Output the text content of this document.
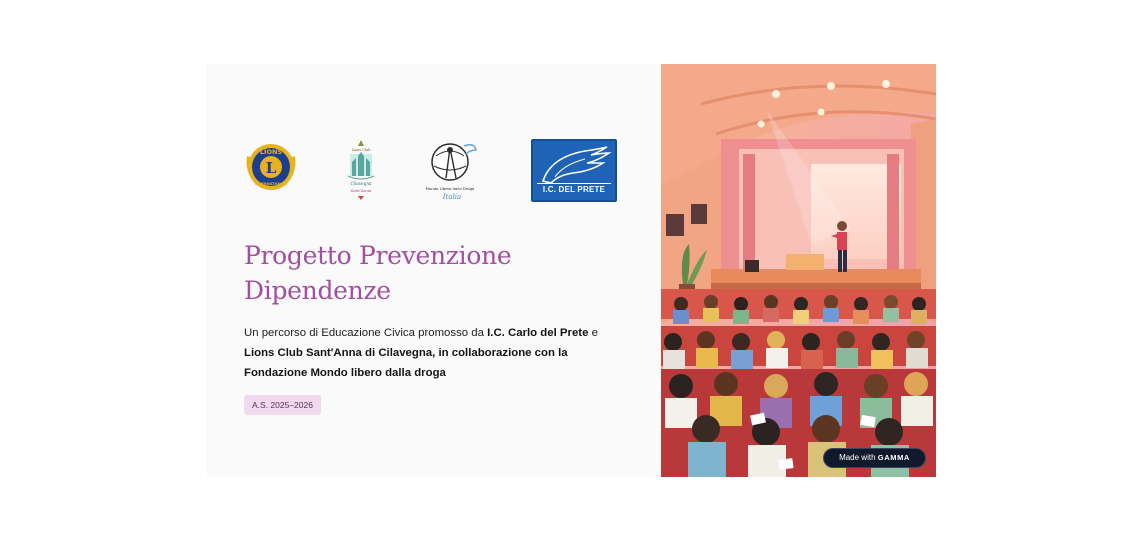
L
LIONS
INTERNATIONAL
Lions Club
Cilavegna
Sant'Anna	Mondo Libero dalla Droga
Italia
I.C. DEL PRETE
Progetto Prevenzione Dipendenze

Un percorso di Educazione Civica promosso da I.C. Carlo del Prete e Lions Club Sant'Anna di Cilavegna, in collaborazione con la Fondazione Mondo libero dalla droga

A.S. 2025–2026
Made with GAMMA
